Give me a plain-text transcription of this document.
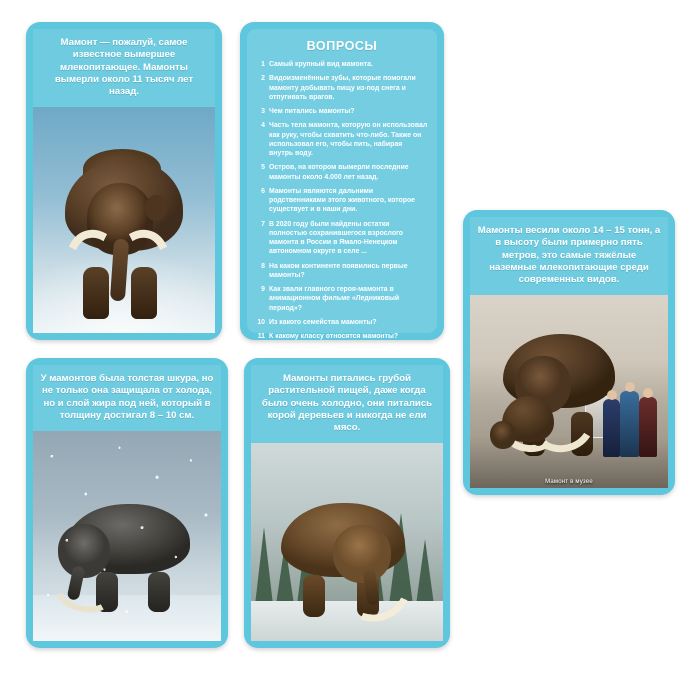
Мамонт — пожалуй, самое известное вымершее млекопитающее. Мамонты вымерли около 11 тысяч лет назад.
ВОПРОСЫ
1 Самый крупный вид мамонта.
2 Видоизменённые зубы, которые помогали мамонту добывать пищу из-под снега и отпугивать врагов.
3 Чем питались мамонты?
4 Часть тела мамонта, которую он использовал как руку, чтобы схватить что-либо. Также он использовал его, чтобы пить, набирая внутрь воду.
5 Остров, на котором вымерли последние мамонты около 4.000 лет назад.
6 Мамонты являются дальними родственниками этого животного, которое существует и в наши дни.
7 В 2020 году были найдены остатки полностью сохранившегося взрослого мамонта в России в Ямало-Ненецком автономном округе в селе ...
8 На каком континенте появились первые мамонты?
9 Как звали главного героя-мамонта в анимационном фильме «Ледниковый период»?
10 Из какого семейства мамонты?
11 К какому классу относятся мамонты?
Мамонты весили около 14 – 15 тонн, а в высоту были примерно пять метров, это самые тяжёлые наземные млекопитающие среди современных видов.
Мамонт в музее
У мамонтов была толстая шкура, но не только она защищала от холода, но и слой жира под ней, который в толщину достигал 8 – 10 см.
Мамонты питались грубой растительной пищей, даже когда было очень холодно, они питались корой деревьев и никогда не ели мясо.
